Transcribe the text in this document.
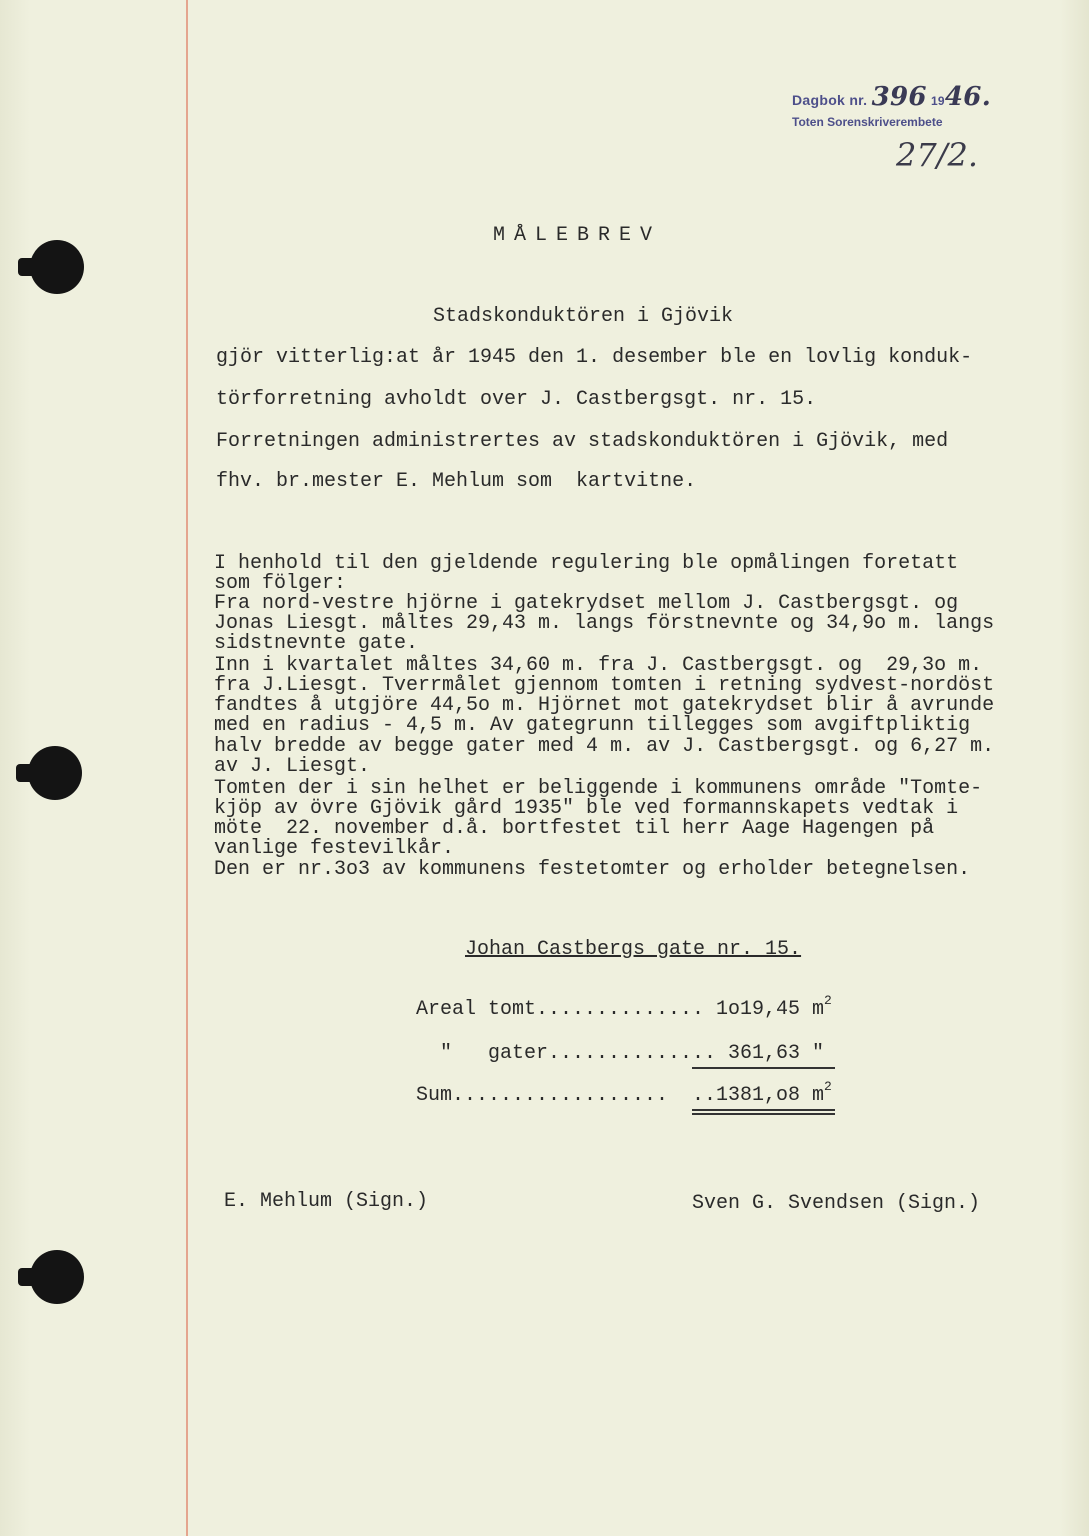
Dagbok nr. 396 1946.
Toten Sorenskriverembete
27/2.
MÅLEBREV
Stadskonduktören i Gjövik
gjör vitterlig:at år 1945 den 1. desember ble en lovlig konduk-
törforretning avholdt over J. Castbergsgt. nr. 15.
Forretningen administrertes av stadskonduktören i Gjövik, med
fhv. br.mester E. Mehlum som  kartvitne.
I henhold til den gjeldende regulering ble opmålingen foretatt
som fölger:
Fra nord-vestre hjörne i gatekrydset mellom J. Castbergsgt. og
Jonas Liesgt. måltes 29,43 m. langs förstnevnte og 34,9o m. langs
sidstnevnte gate.
Inn i kvartalet måltes 34,60 m. fra J. Castbergsgt. og  29,3o m.
fra J.Liesgt. Tverrmålet gjennom tomten i retning sydvest-nordöst
fandtes å utgjöre 44,5o m. Hjörnet mot gatekrydset blir å avrunde
med en radius - 4,5 m. Av gategrunn tillegges som avgiftpliktig
halv bredde av begge gater med 4 m. av J. Castbergsgt. og 6,27 m.
av J. Liesgt.
Tomten der i sin helhet er beliggende i kommunens område "Tomte-
kjöp av övre Gjövik gård 1935" ble ved formannskapets vedtak i
möte  22. november d.å. bortfestet til herr Aage Hagengen på
vanlige festevilkår.
Den er nr.3o3 av kommunens festetomter og erholder betegnelsen.
Johan Castbergs gate nr. 15.
Areal tomt.............. 1o19,45 $m^2$
"   gater............ .. 361,63 "
Sum.................. ..1381,o8 $m^2$
E. Mehlum (Sign.)	Sven G. Svendsen (Sign.)
